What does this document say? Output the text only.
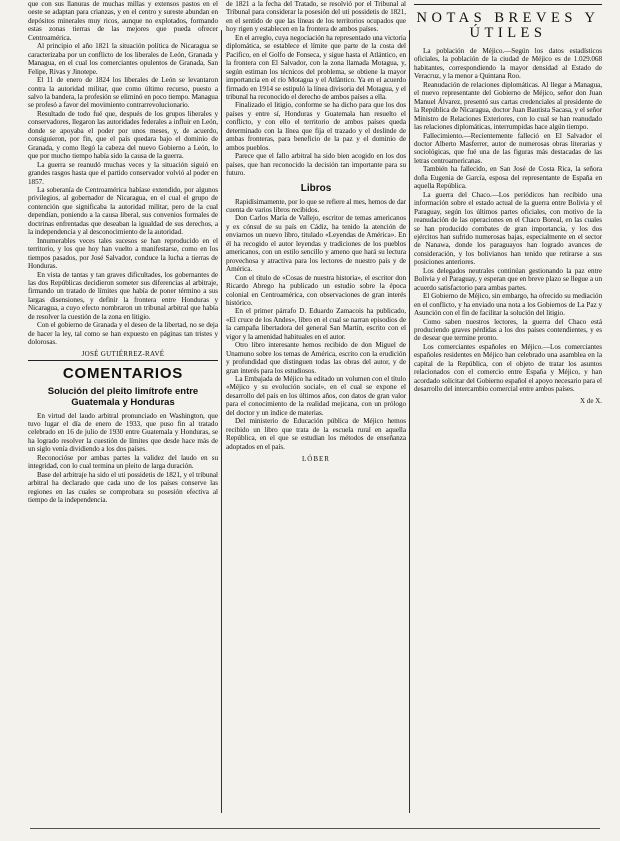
que con sus llanuras de muchas millas y extensos pastos en el oeste se adaptan para crianzas, y en el centro y sureste abundan en depósitos minerales muy ricos, aunque no explotados, formando estas zonas tierras de las mejores que pueda ofrecer Centroamérica.

Al principio el año 1821 la situación política de Nicaragua se caracterizaba por un conflicto de los liberales de León, Granada y Managua, en el cual los comerciantes opulentos de Granada, San Felipe, Rivas y Jinotepe.

El 11 de enero de 1824 los liberales de León se levantaron contra la autoridad militar, que como último recurso, puesto a salvo la bandera, la profesión se eliminó en poco tiempo. Managua se profesó a favor del movimiento contrarrevolucionario.

Resultado de todo fué que, después de los grupos liberales y conservadores, llegaron las autoridades federales a influir en León, donde se apoyaba el poder por unos meses, y, de acuerdo, consiguieron, por fin, que el país quedara bajo el dominio de Granada, y como llegó la cabeza del nuevo Gobierno a León, lo que por mucho tiempo había sido la causa de la guerra.

La guerra se reanudó muchas veces y la situación siguió en grandes rasgos hasta que el partido conservador volvió al poder en 1857.

La soberanía de Centroamérica habíase extendido, por algunos privilegios, al gobernador de Nicaragua, en el cual el grupo de contención que significaba la autoridad militar, pero de la cual dependían, poniendo a la causa liberal, sus convenios formales de doctrinas enfrentadas que deseaban la igualdad de sus derechos, a la independencia y al desconocimiento de la autoridad.

Innumerables veces tales sucesos se han reproducido en el territorio, y los que hoy han vuelto a manifestarse, como en los tiempos pasados, por José Salvador, conduce la lucha a tierras de Honduras.

En vista de tantas y tan graves dificultades, los gobernantes de las dos Repúblicas decidieron someter sus diferencias al arbitraje, firmando un tratado de límites que había de poner término a sus largas disensiones, y definir la frontera entre Honduras y Nicaragua, a cuyo efecto nombraron un tribunal arbitral que había de resolver la cuestión de la zona en litigio.

Con el gobierno de Granada y el deseo de la libertad, no se deja de hacer la ley, tal como se han expuesto en páginas tan tristes y dolorosas.

JOSÉ GUTIÉRREZ-RAVÉ
COMENTARIOS
Solución del pleito limítrofe entre Guatemala y Honduras

En virtud del laudo arbitral pronunciado en Washington, que tuvo lugar el día de enero de 1933, que puso fin al tratado celebrado en 16 de julio de 1930 entre Guatemala y Honduras, se ha logrado resolver la cuestión de límites que desde hace más de un siglo venía dividiendo a los dos países.

Reconocióse por ambas partes la validez del laudo en su integridad, con lo cual termina un pleito de larga duración.

Base del arbitraje ha sido el uti possidetis de 1821, y el tribunal arbitral ha declarado que cada uno de los países conserve las regiones en las cuales se comprobara su posesión efectiva al tiempo de la independencia.

de 1821 a la fecha del Tratado, se resolvió por el Tribunal al Tribunal para considerar la posesión del uti possidetis de 1821, en el sentido de que las líneas de los territorios ocupados que hoy rigen y establecen en la frontera de ambos países.

En el arreglo, cuya negociación ha representado una victoria diplomática, se establece el límite que parte de la costa del Pacífico, en el Golfo de Fonseca, y sigue hasta el Atlántico, en la frontera con El Salvador, con la zona llamada Motagua, y, según estiman los técnicos del problema, se obtiene la mayor importancia en el río Motagua y el Atlántico. Ya en el acuerdo firmado en 1914 se estipuló la línea divisoria del Motagua, y el tribunal ha reconocido el derecho de ambos países a ella.

Finalizado el litigio, conforme se ha dicho para que los dos países y entre sí, Honduras y Guatemala han resuelto el conflicto, y con ello el territorio de ambos países queda determinado con la línea que fija el trazado y el deslinde de ambas fronteras, para beneficio de la paz y el dominio de ambos pueblos.

Parece que el fallo arbitral ha sido bien acogido en los dos países, que han reconocido la decisión tan importante para su futuro.

Libros

Rapidísimamente, por lo que se refiere al mes, hemos de dar cuenta de varios libros recibidos.

Don Carlos María de Vallejo, escritor de temas americanos y ex cónsul de su país en Cádiz, ha tenido la atención de enviarnos un nuevo libro, titulado «Leyendas de América». En él ha recogido el autor leyendas y tradiciones de los pueblos americanos, con un estilo sencillo y ameno que hará su lectura provechosa y atractiva para los lectores de nuestro país y de América.

Con el título de «Cosas de nuestra historia», el escritor don Ricardo Abrego ha publicado un estudio sobre la época colonial en Centroamérica, con observaciones de gran interés histórico.

En el primer párrafo D. Eduardo Zamacois ha publicado, «El cruce de los Andes», libro en el cual se narran episodios de la campaña libertadora del general San Martín, escrito con el vigor y la amenidad habituales en el autor.

Otro libro interesante hemos recibido de don Miguel de Unamuno sobre los temas de América, escrito con la erudición y profundidad que distinguen todas las obras del autor, y de gran interés para los estudiosos.

La Embajada de Méjico ha editado un volumen con el título «Méjico y su evolución social», en el cual se expone el desarrollo del país en los últimos años, con datos de gran valor para el conocimiento de la realidad mejicana, con un prólogo del doctor y un índice de materias.

Del ministerio de Educación pública de Méjico hemos recibido un libro que trata de la escuela rural en aquella República, en el que se estudian los métodos de enseñanza adoptados en el país.

LÓBER
NOTAS BREVES Y ÚTILES

La población de Méjico.—Según los datos estadísticos oficiales, la población de la ciudad de Méjico es de 1.029.068 habitantes, correspondiendo la mayor densidad al Estado de Veracruz, y la menor a Quintana Roo.

Reanudación de relaciones diplomáticas. Al llegar a Managua, el nuevo representante del Gobierno de Méjico, señor don Juan Manuel Álvarez, presentó sus cartas credenciales al presidente de la República de Nicaragua, doctor Juan Bautista Sacasa, y el señor Ministro de Relaciones Exteriores, con lo cual se han reanudado las relaciones diplomáticas, interrumpidas hace algún tiempo.

Fallecimiento.—Recientemente falleció en El Salvador el doctor Alberto Masferrer, autor de numerosas obras literarias y sociológicas, que fué una de las figuras más destacadas de las letras centroamericanas.

También ha fallecido, en San José de Costa Rica, la señora doña Eugenia de García, esposa del representante de España en aquella República.

La guerra del Chaco.—Los periódicos han recibido una información sobre el estado actual de la guerra entre Bolivia y el Paraguay, según los últimos partes oficiales, con motivo de la reanudación de las operaciones en el Chaco Boreal, en las cuales se han producido combates de gran importancia, y los dos ejércitos han sufrido numerosas bajas, especialmente en el sector de Nanawa, donde los paraguayos han logrado avances de consideración, y los bolivianos han tenido que retirarse a sus posiciones anteriores.

Los delegados neutrales continúan gestionando la paz entre Bolivia y el Paraguay, y esperan que en breve plazo se llegue a un acuerdo satisfactorio para ambas partes.

El Gobierno de Méjico, sin embargo, ha ofrecido su mediación en el conflicto, y ha enviado una nota a los Gobiernos de La Paz y Asunción con el fin de facilitar la solución del litigio.

Como saben nuestros lectores, la guerra del Chaco está produciendo graves pérdidas a los dos países contendientes, y es de desear que termine pronto.

Los comerciantes españoles en Méjico.—Los comerciantes españoles residentes en Méjico han celebrado una asamblea en la capital de la República, con el objeto de tratar los asuntos relacionados con el comercio entre España y Méjico, y han acordado solicitar del Gobierno español el apoyo necesario para el desarrollo del intercambio comercial entre ambos países.

X de X.
